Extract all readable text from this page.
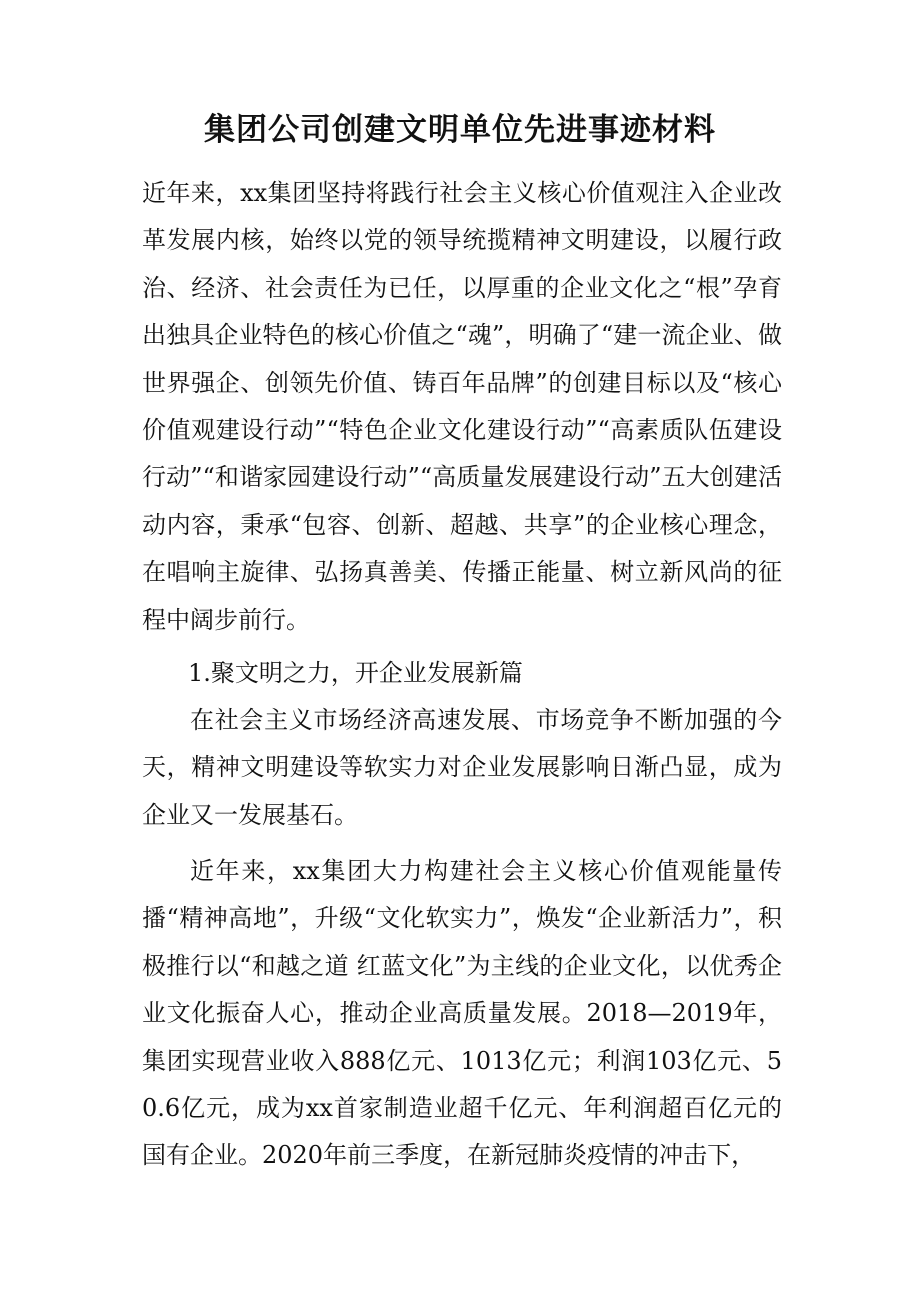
集团公司创建文明单位先进事迹材料

近年来，xx集团坚持将践行社会主义核心价值观注入企业改革发展内核，始终以党的领导统揽精神文明建设，以履行政治、经济、社会责任为已任，以厚重的企业文化之“根”孕育出独具企业特色的核心价值之“魂”，明确了“建一流企业、做世界强企、创领先价值、铸百年品牌”的创建目标以及“核心价值观建设行动”“特色企业文化建设行动”“高素质队伍建设行动”“和谐家园建设行动”“高质量发展建设行动”五大创建活动内容，秉承“包容、创新、超越、共享”的企业核心理念，在唱响主旋律、弘扬真善美、传播正能量、树立新风尚的征程中阔步前行。

1.聚文明之力，开企业发展新篇

在社会主义市场经济高速发展、市场竞争不断加强的今天，精神文明建设等软实力对企业发展影响日渐凸显，成为企业又一发展基石。

近年来，xx集团大力构建社会主义核心价值观能量传播“精神高地”，升级“文化软实力”，焕发“企业新活力”，积极推行以“和越之道 红蓝文化”为主线的企业文化，以优秀企业文化振奋人心，推动企业高质量发展。2018—2019年，集团实现营业收入888亿元、1013亿元；利润103亿元、50.6亿元，成为xx首家制造业超千亿元、年利润超百亿元的国有企业。2020年前三季度，在新冠肺炎疫情的冲击下，
